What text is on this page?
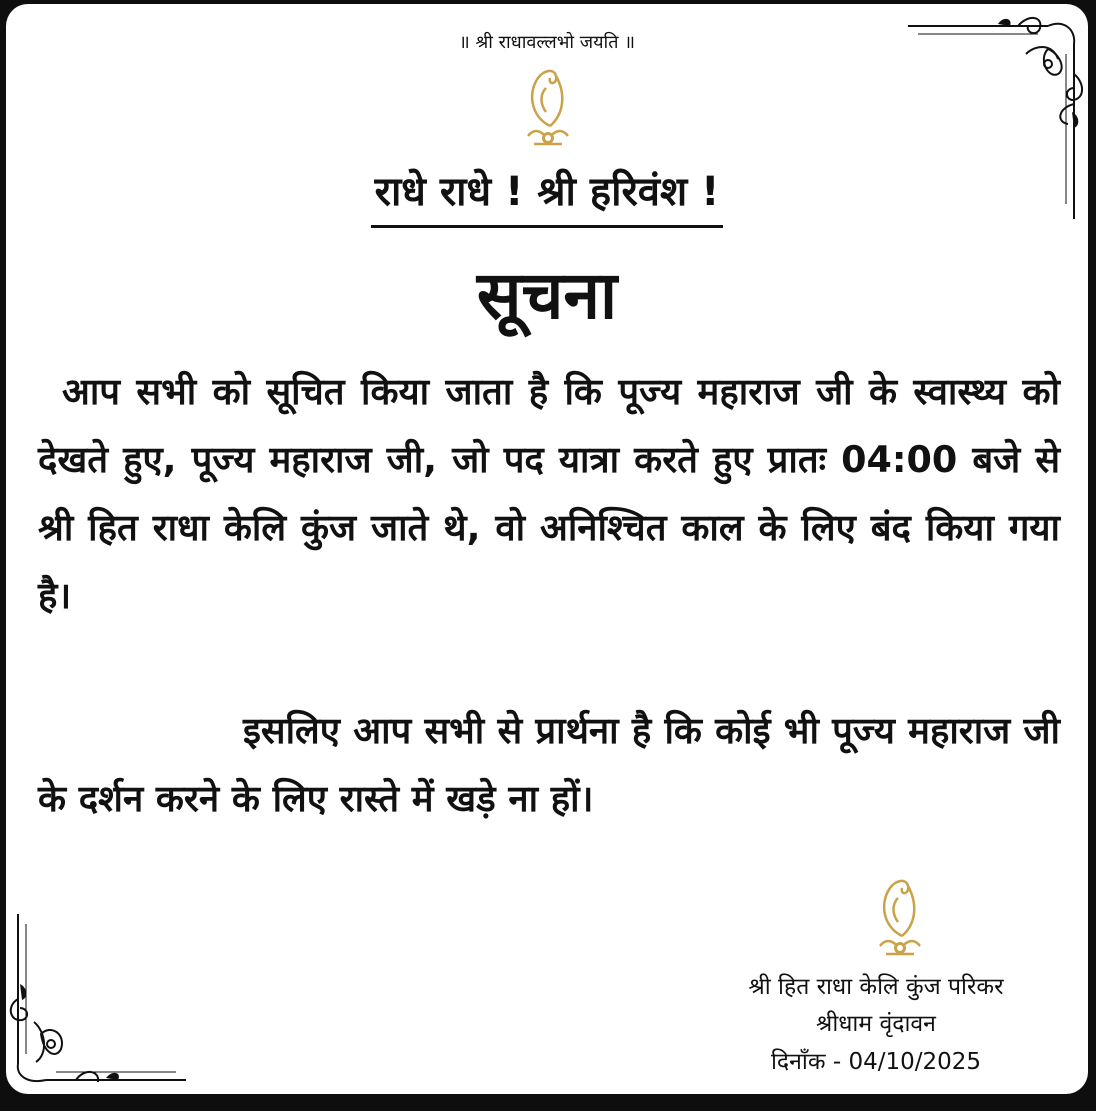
॥ श्री राधावल्लभो जयति ॥
राधे राधे ! श्री हरिवंश !
सूचना
आप सभी को सूचित किया जाता है कि पूज्य महाराज जी के स्वास्थ्य को देखते हुए, पूज्य महाराज जी, जो पद यात्रा करते हुए प्रातः 04:00 बजे से श्री हित राधा केलि कुंज जाते थे, वो अनिश्चित काल के लिए बंद किया गया है।
इसलिए आप सभी से प्रार्थना है कि कोई भी पूज्य महाराज जी के दर्शन करने के लिए रास्ते में खड़े ना हों।
श्री हित राधा केलि कुंज परिकर
श्रीधाम वृंदावन
दिनाँक - 04/10/2025
